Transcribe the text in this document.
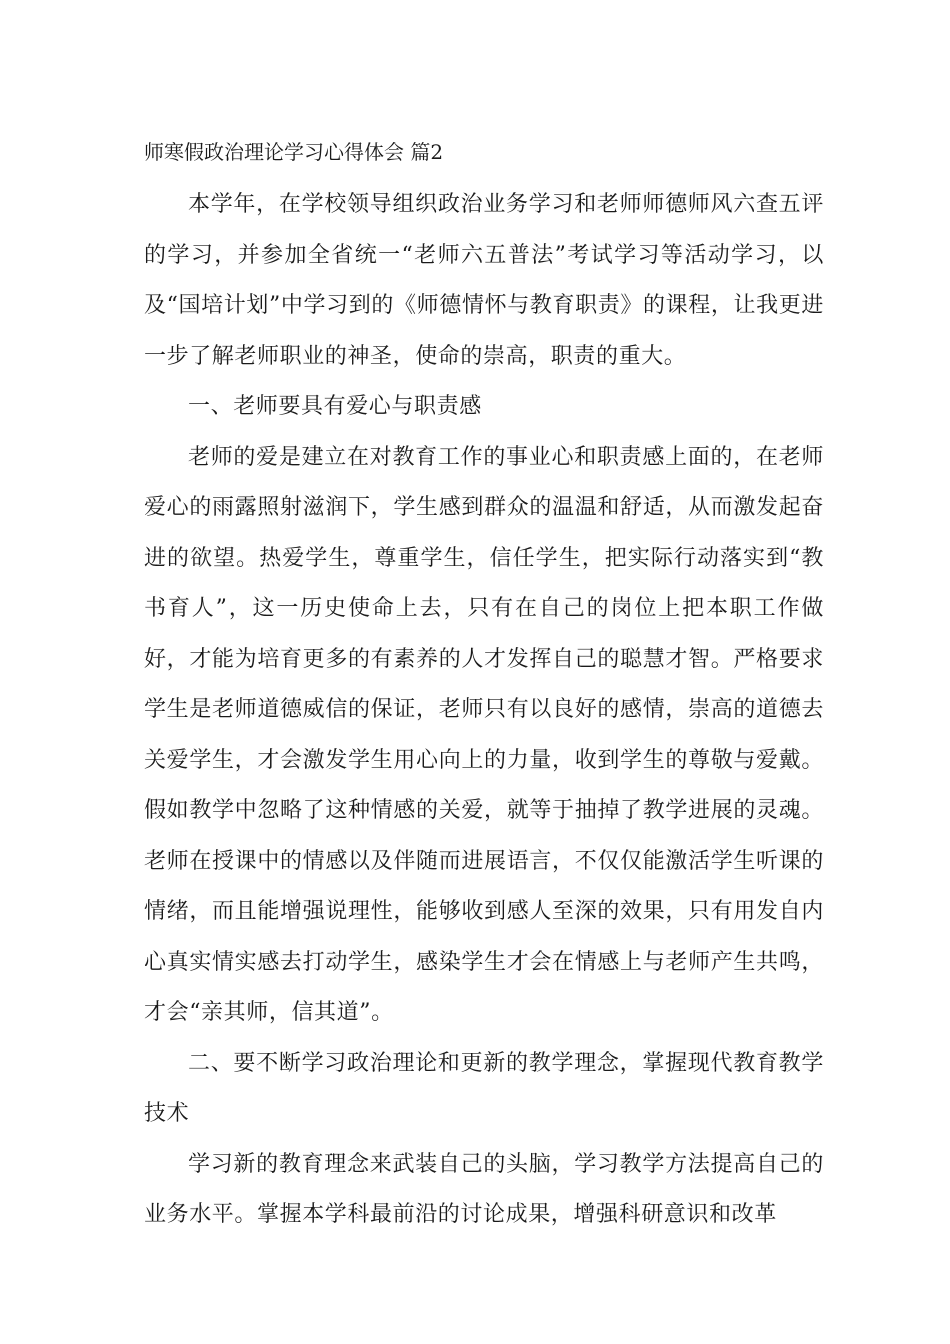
师寒假政治理论学习心得体会 篇2

本学年，在学校领导组织政治业务学习和老师师德师风六查五评的学习，并参加全省统一“老师六五普法”考试学习等活动学习，以及“国培计划”中学习到的《师德情怀与教育职责》的课程，让我更进一步了解老师职业的神圣，使命的崇高，职责的重大。

一、老师要具有爱心与职责感

老师的爱是建立在对教育工作的事业心和职责感上面的，在老师爱心的雨露照射滋润下，学生感到群众的温温和舒适，从而激发起奋进的欲望。热爱学生，尊重学生，信任学生，把实际行动落实到“教书育人”，这一历史使命上去，只有在自己的岗位上把本职工作做好，才能为培育更多的有素养的人才发挥自己的聪慧才智。严格要求学生是老师道德威信的保证，老师只有以良好的感情，崇高的道德去关爱学生，才会激发学生用心向上的力量，收到学生的尊敬与爱戴。假如教学中忽略了这种情感的关爱，就等于抽掉了教学进展的灵魂。老师在授课中的情感以及伴随而进展语言，不仅仅能激活学生听课的情绪，而且能增强说理性，能够收到感人至深的效果，只有用发自内心真实情实感去打动学生，感染学生才会在情感上与老师产生共鸣，才会“亲其师，信其道”。

二、要不断学习政治理论和更新的教学理念，掌握现代教育教学技术

学习新的教育理念来武装自己的头脑，学习教学方法提高自己的业务水平。掌握本学科最前沿的讨论成果，增强科研意识和改革
